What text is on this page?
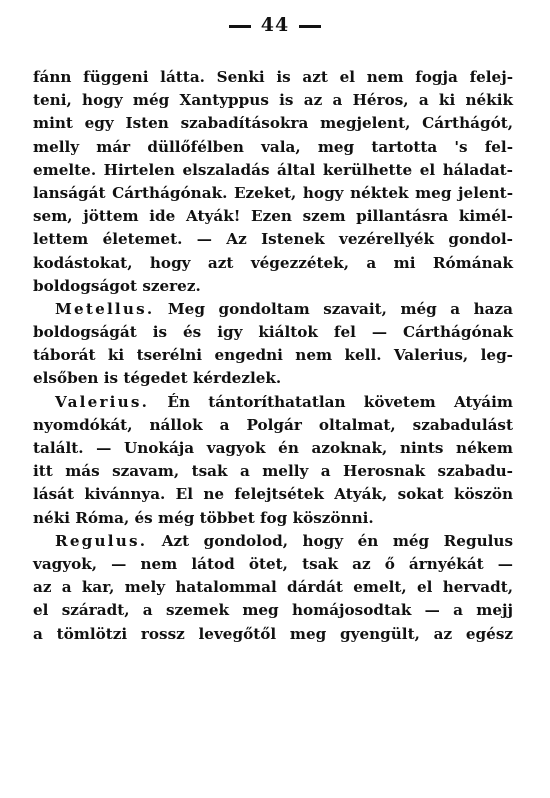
44
fánn függeni látta. Senki is azt el nem fogja felej-
teni, hogy még Xantyppus is az a Héros, a ki nékik
mint egy Isten szabadításokra megjelent, Cárthágót,
melly már düllőfélben vala, meg tartotta 's fel-
emelte. Hirtelen elszaladás által kerülhette el háladat-
lanságát Cárthágónak. Ezeket, hogy néktek meg jelent-
sem, jöttem ide Atyák! Ezen szem pillantásra kimél-
lettem életemet. — Az Istenek vezérellyék gondol-
kodástokat, hogy azt végezzétek, a mi Rómának
boldogságot szerez.
Metellus. Meg gondoltam szavait, még a haza
boldogságát is és igy kiáltok fel — Cárthágónak
táborát ki tserélni engedni nem kell. Valerius, leg-
elsőben is tégedet kérdezlek.
Valerius. Én tántoríthatatlan követem Atyáim
nyomdókát, nállok a Polgár oltalmat, szabadulást
talált. — Unokája vagyok én azoknak, nints nékem
itt más szavam, tsak a melly a Herosnak szabadu-
lását kivánnya. El ne felejtsétek Atyák, sokat köszön
néki Róma, és még többet fog köszönni.
Regulus. Azt gondolod, hogy én még Regulus
vagyok, — nem látod ötet, tsak az ő árnyékát —
az a kar, mely hatalommal dárdát emelt, el hervadt,
el száradt, a szemek meg homájosodtak — a mejj
a tömlötzi rossz levegőtől meg gyengült, az egész
